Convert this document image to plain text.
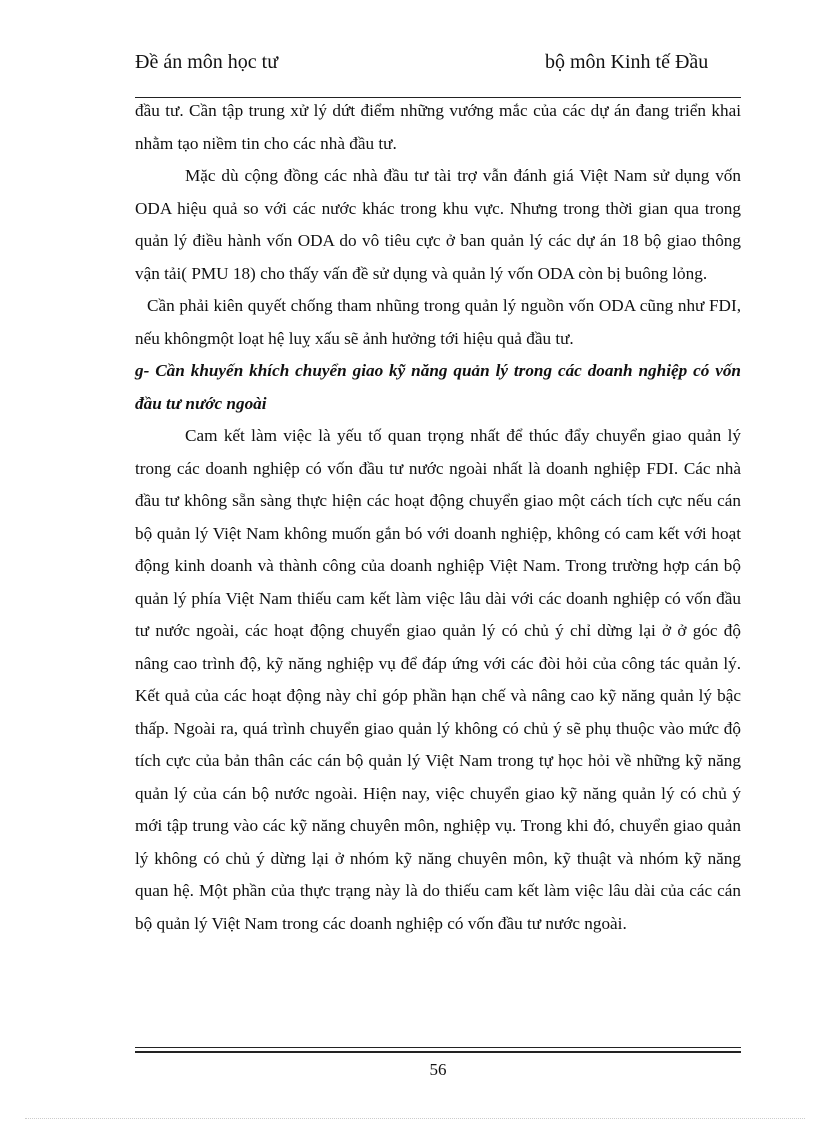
Đề án môn học tư	bộ môn Kinh tế Đầu

đầu tư. Cần tập trung xử lý dứt điểm những vướng mắc của các dự án đang triển khai nhằm tạo niềm tin cho các nhà đầu tư.

Mặc dù cộng đồng các nhà đầu tư tài trợ vẫn đánh giá Việt Nam sử dụng vốn ODA hiệu quả so với các nước khác trong khu vực. Nhưng trong thời gian qua trong quản lý điều hành vốn ODA do vô tiêu cực ở ban quản lý các dự án 18 bộ giao thông vận tải( PMU 18) cho thấy vấn đề sử dụng và quản lý vốn ODA còn bị buông lỏng.

Cần phải kiên quyết chống tham nhũng trong quản lý nguồn vốn ODA cũng như FDI, nếu khôngmột loạt hệ luỵ xấu sẽ ảnh hưởng tới hiệu quả đầu tư.

g- Cần khuyến khích chuyển giao kỹ năng quản lý trong các doanh nghiệp có vốn đầu tư nước ngoài

Cam kết làm việc là yếu tố quan trọng nhất để thúc đẩy chuyển giao quản lý trong các doanh nghiệp có vốn đầu tư nước ngoài nhất là doanh nghiệp FDI. Các nhà đầu tư không sẵn sàng thực hiện các hoạt động chuyển giao một cách tích cực nếu cán bộ quản lý Việt Nam không muốn gắn bó với doanh nghiệp, không có cam kết với hoạt động kinh doanh và thành công của doanh nghiệp Việt Nam. Trong trường hợp cán bộ quản lý phía Việt Nam thiếu cam kết làm việc lâu dài với các doanh nghiệp có vốn đầu tư nước ngoài, các hoạt động chuyển giao quản lý có chủ ý chỉ dừng lại ở ở góc độ nâng cao trình độ, kỹ năng nghiệp vụ để đáp ứng với các đòi hỏi của công tác quản lý. Kết quả của các hoạt động này chỉ góp phần hạn chế và nâng cao kỹ năng quản lý bậc thấp. Ngoài ra, quá trình chuyển giao quản lý không có chủ ý sẽ phụ thuộc vào mức độ tích cực của bản thân các cán bộ quản lý Việt Nam trong tự học hỏi về những kỹ năng quản lý của cán bộ nước ngoài. Hiện nay, việc chuyển giao kỹ năng quản lý có chủ ý mới tập trung vào các kỹ năng chuyên môn, nghiệp vụ. Trong khi đó, chuyển giao quản lý không có chủ ý dừng lại ở nhóm kỹ năng chuyên môn, kỹ thuật và nhóm kỹ năng quan hệ. Một phần của thực trạng này là do thiếu cam kết làm việc lâu dài của các cán bộ quản lý Việt Nam trong các doanh nghiệp có vốn đầu tư nước ngoài.

56
